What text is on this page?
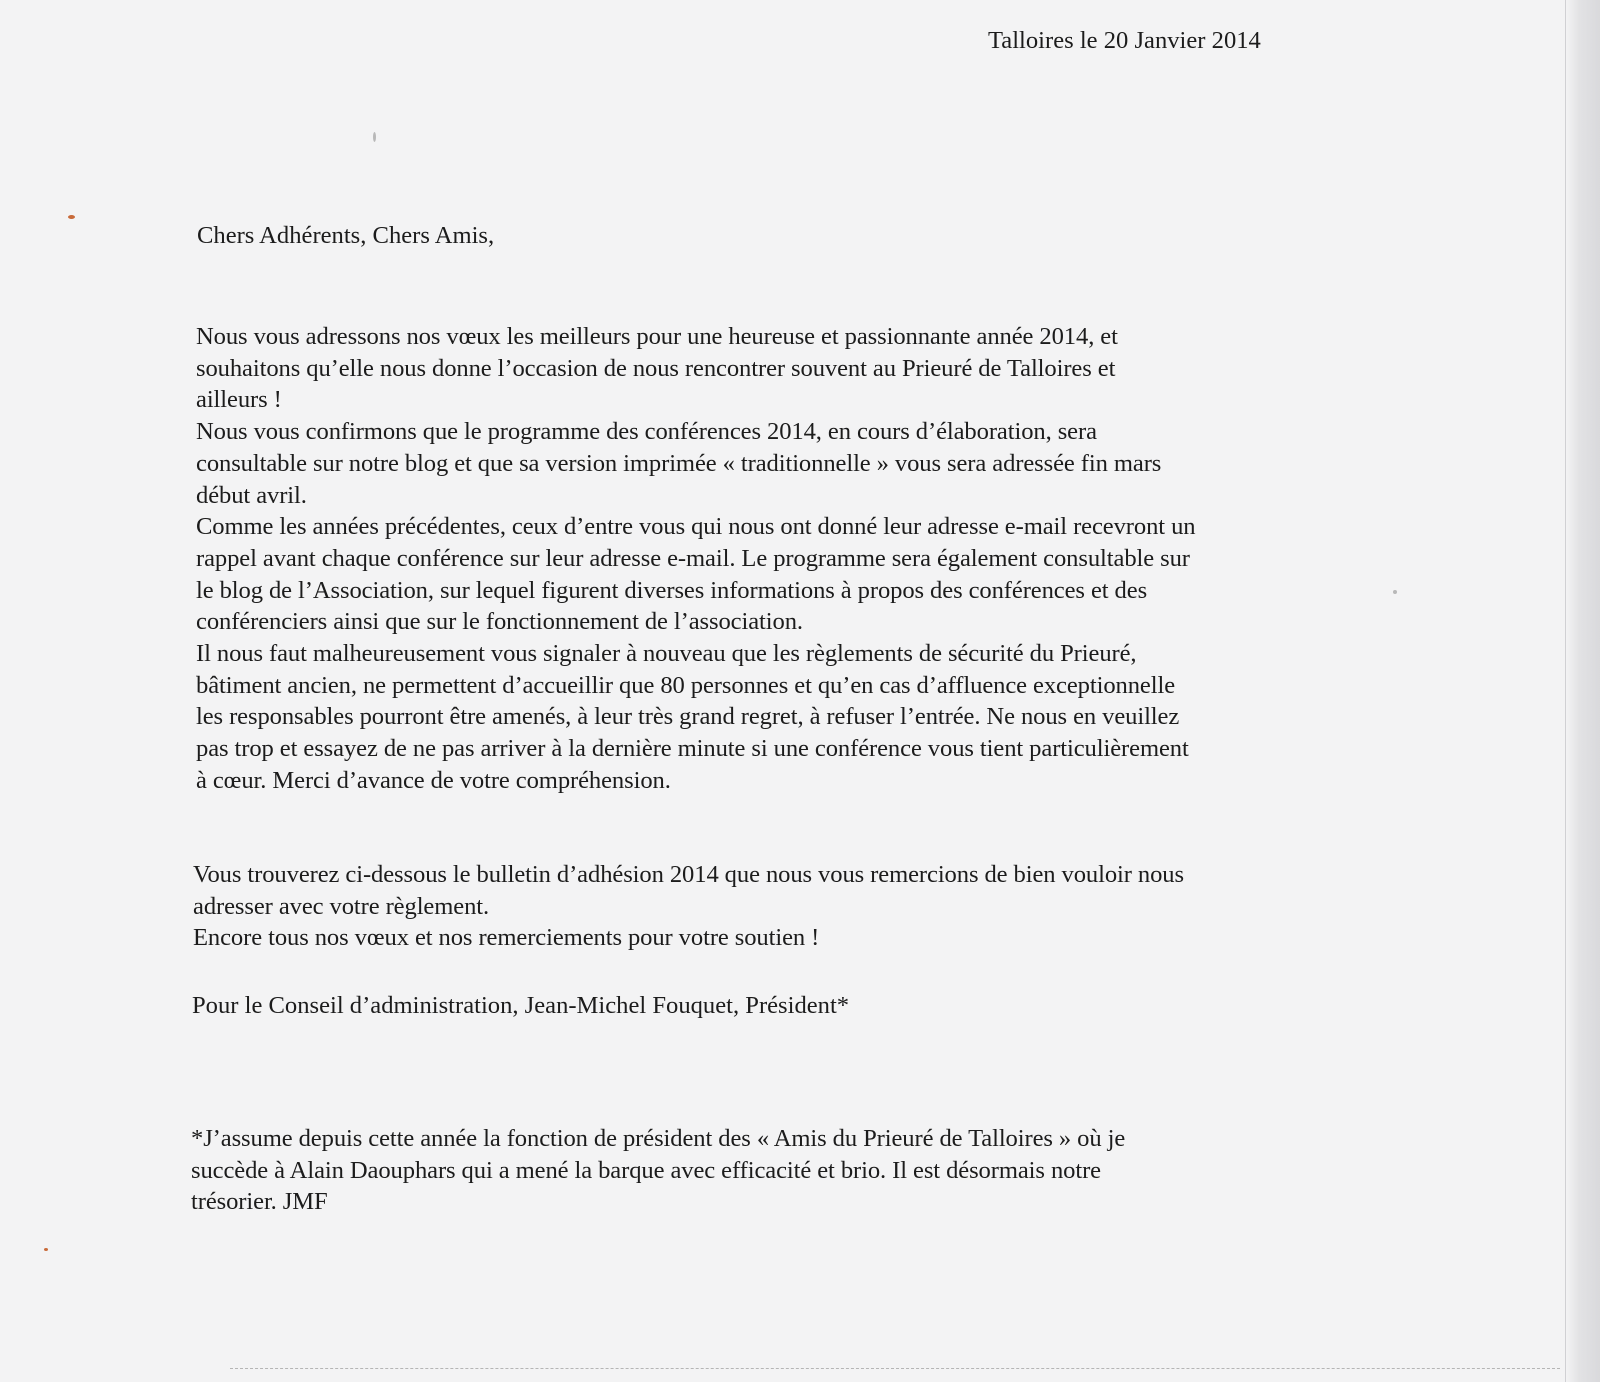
Talloires le 20 Janvier 2014
Chers Adhérents, Chers Amis,
Nous vous adressons nos vœux les meilleurs pour une heureuse et passionnante année 2014, et
souhaitons qu’elle nous donne l’occasion de nous rencontrer souvent au Prieuré de Talloires et
ailleurs !
Nous vous confirmons que le programme des conférences 2014, en cours d’élaboration, sera
consultable sur notre blog et que sa version imprimée « traditionnelle » vous sera adressée fin mars
début avril.
Comme les années précédentes, ceux d’entre vous qui nous ont donné leur adresse e-mail recevront un
rappel avant chaque conférence sur leur adresse e-mail. Le programme sera également consultable sur
le blog de l’Association, sur lequel figurent diverses informations à propos des conférences et des
conférenciers ainsi que sur le fonctionnement de l’association.
Il nous faut malheureusement vous signaler à nouveau que les règlements de sécurité du Prieuré,
bâtiment ancien, ne permettent d’accueillir que 80 personnes et qu’en cas d’affluence exceptionnelle
les responsables pourront être amenés, à leur très grand regret, à refuser l’entrée. Ne nous en veuillez
pas trop et essayez de ne pas arriver à la dernière minute si une conférence vous tient particulièrement
à cœur. Merci d’avance de votre compréhension.
Vous trouverez ci-dessous le bulletin d’adhésion 2014 que nous vous remercions de bien vouloir nous
adresser avec votre règlement.
Encore tous nos vœux et nos remerciements pour votre soutien !
Pour le Conseil d’administration, Jean-Michel Fouquet, Président*
*J’assume depuis cette année la fonction de président des « Amis du Prieuré de Talloires » où je
succède à Alain Daouphars qui a mené la barque avec efficacité et brio. Il est désormais notre
trésorier. JMF
